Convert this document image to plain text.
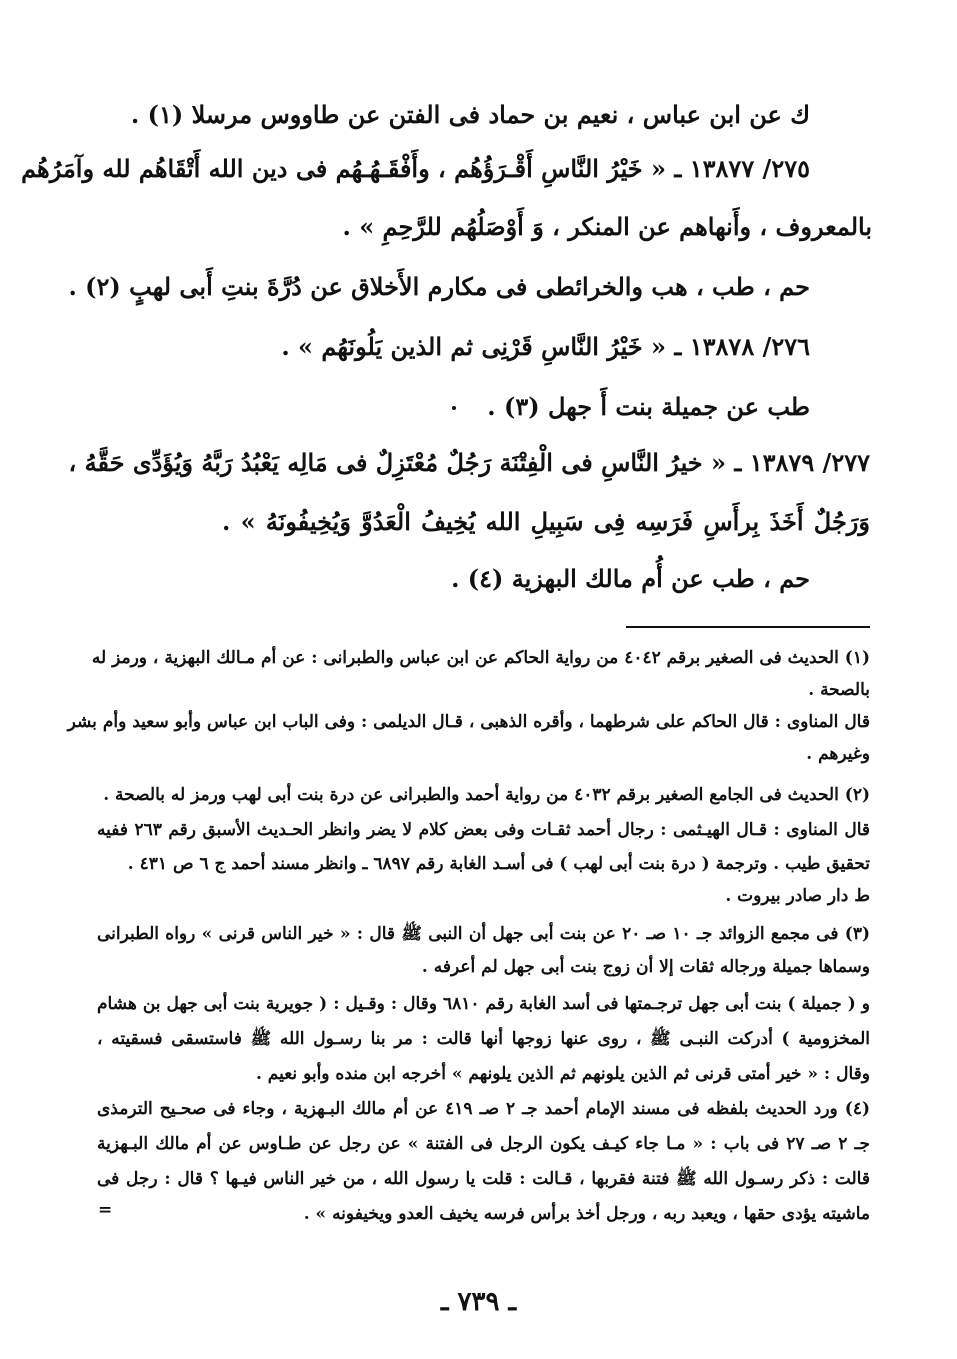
ك عن ابن عباس ، نعيم بن حماد فى الفتن عن طاووس مرسلا (١) .
٢٧٥/ ١٣٨٧٧ ـ « خَيْرُ النَّاسِ أَقْـرَؤُهُم ، وأَفْقَـهُـهُم فى دين الله أَتْقَاهُم لله وآمَرُهُم
بالمعروف ، وأَنهاهم عن المنكر ، وَ أَوْصَلُهُم للرَّحِمِ » .
حم ، طب ، هب والخرائطى فى مكارم الأَخلاق عن دُرَّةَ بنتِ أَبى لهبٍ (٢) .
٢٧٦/ ١٣٨٧٨ ـ « خَيْرُ النَّاسِ قَرْنِى ثم الذين يَلُونَهُم » .
طب عن جميلة بنت أَ جهل (٣) .
٢٧٧/ ١٣٨٧٩ ـ « خيرُ النَّاسِ فى الْفِتْنَة رَجُلٌ مُعْتَزِلٌ فى مَالِه يَعْبُدُ رَبَّهُ وَيُؤَدِّى حَقَّهُ ،
وَرَجُلٌ أَخَذَ بِرأَسِ فَرَسِه فِى سَبِيلِ الله يُخِيفُ الْعَدُوَّ وَيُخِيفُونَهُ » .
حم ، طب عن أُم مالك البهزية (٤) .
(١) الحديث فى الصغير برقم ٤٠٤٢ من رواية الحاكم عن ابن عباس والطبرانى : عن أم مـالك البهزية ، ورمز له
بالصحة .
قال المناوى : قال الحاكم على شرطهما ، وأقره الذهبى ، قـال الديلمى : وفى الباب ابن عباس وأبو سعيد وأم بشر
وغيرهم .
(٢) الحديث فى الجامع الصغير برقم ٤٠٣٢ من رواية أحمد والطبرانى عن درة بنت أبى لهب ورمز له بالصحة .
قال المناوى : قـال الهيـثمى : رجال أحمد ثقـات وفى بعض كلام لا يضر وانظر الحـديث الأسبق رقم ٢٦٣ ففيه
تحقيق طيب . وترجمة ( درة بنت أبى لهب ) فى أسـد الغابة رقم ٦٨٩٧ ـ وانظر مسند أحمد ج ٦ ص ٤٣١ .
ط دار صادر بيروت .
(٣) فى مجمع الزوائد جـ ١٠ صـ ٢٠ عن بنت أبى جهل أن النبى ﷺ قال : « خير الناس قرنى » رواه الطبرانى
وسماها جميلة ورجاله ثقات إلا أن زوج بنت أبى جهل لم أعرفه .
و ( جميلة ) بنت أبى جهل ترجـمتها فى أسد الغابة رقم ٦٨١٠ وقال : وقـيل : ( جويرية بنت أبى جهل بن هشام
المخزومية ) أدركت النبـى ﷺ ، روى عنها زوجها أنها قالت : مر بنا رسـول الله ﷺ فاستسقى فسقيته ،
وقال : « خير أمتى قرنى ثم الذين يلونهم ثم الذين يلونهم » أخرجه ابن منده وأبو نعيم .
(٤) ورد الحديث بلفظه فى مسند الإمام أحمد جـ ٢ صـ ٤١٩ عن أم مالك البـهزية ، وجاء فى صحـيح الترمذى
جـ ٢ صـ ٢٧ فى باب : « مـا جاء كيـف يكون الرجل فى الفتنة » عن رجل عن طـاوس عن أم مالك البـهزية
قالت : ذكر رسـول الله ﷺ فتنة فقربها ، قـالت : قلت يا رسول الله ، من خير الناس فيـها ؟ قال : رجل فى
ماشيته يؤدى حقها ، ويعبد ربه ، ورجل أخذ برأس فرسه يخيف العدو ويخيفونه » .
=
ـ ٧٣٩ ـ
